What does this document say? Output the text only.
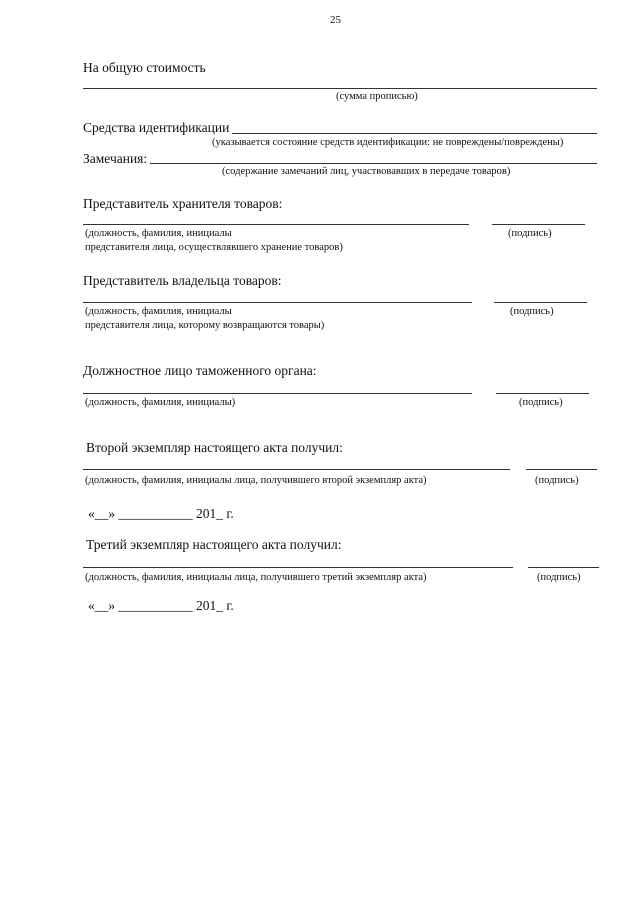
25
На общую стоимость
(сумма прописью)
Средства идентификации
(указывается состояние средств идентификации: не повреждены/повреждены)
Замечания:
(содержание замечаний лиц, участвовавших в передаче товаров)
Представитель хранителя товаров:
(должность, фамилия, инициалы	(подпись)
представителя лица, осуществлявшего хранение товаров)
Представитель владельца товаров:
(должность, фамилия, инициалы	(подпись)
представителя лица, которому возвращаются товары)
Должностное лицо таможенного органа:
(должность, фамилия, инициалы)	(подпись)
Второй экземпляр настоящего акта получил:
(должность, фамилия, инициалы лица, получившего второй экземпляр акта)	(подпись)
«__» ___________ 201_ г.
Третий экземпляр настоящего акта получил:
(должность, фамилия, инициалы лица, получившего третий экземпляр акта)	(подпись)
«__» ___________ 201_ г.
